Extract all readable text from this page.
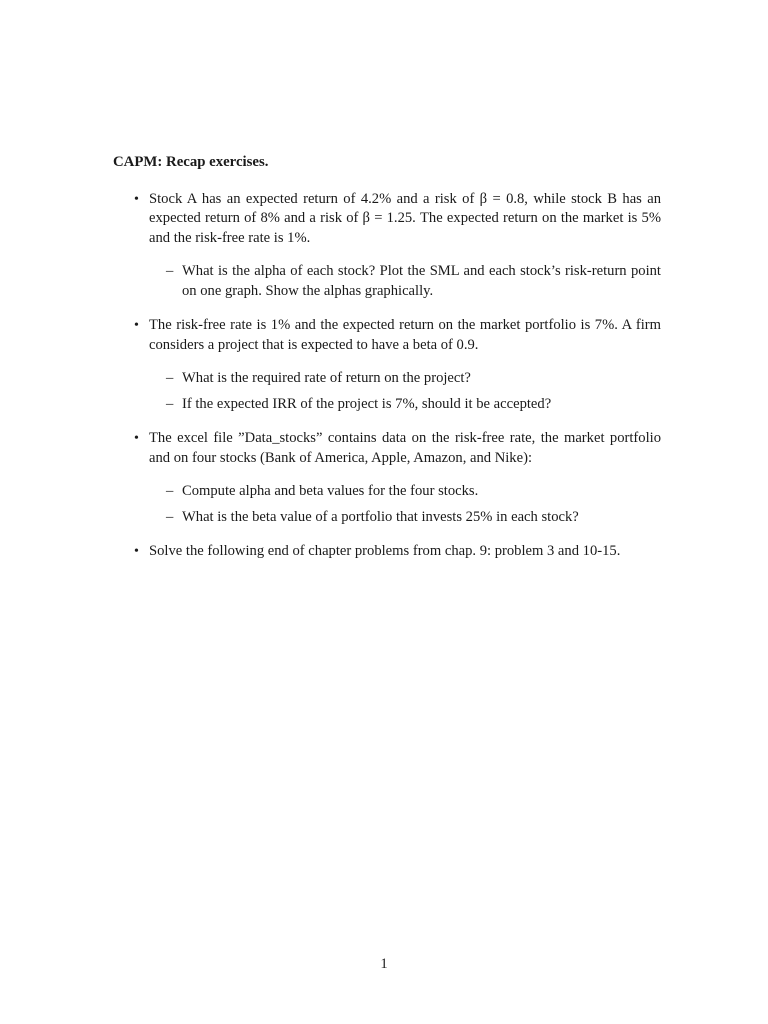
CAPM: Recap exercises.
• Stock A has an expected return of 4.2% and a risk of β = 0.8, while stock B has an expected return of 8% and a risk of β = 1.25. The expected return on the market is 5% and the risk-free rate is 1%.

– What is the alpha of each stock? Plot the SML and each stock’s risk-return point on one graph. Show the alphas graphically.
• The risk-free rate is 1% and the expected return on the market portfolio is 7%. A firm considers a project that is expected to have a beta of 0.9.

– What is the required rate of return on the project?
– If the expected IRR of the project is 7%, should it be accepted?
• The excel file ”Data_stocks” contains data on the risk-free rate, the market portfolio and on four stocks (Bank of America, Apple, Amazon, and Nike):

– Compute alpha and beta values for the four stocks.
– What is the beta value of a portfolio that invests 25% in each stock?
• Solve the following end of chapter problems from chap. 9: problem 3 and 10-15.

1
